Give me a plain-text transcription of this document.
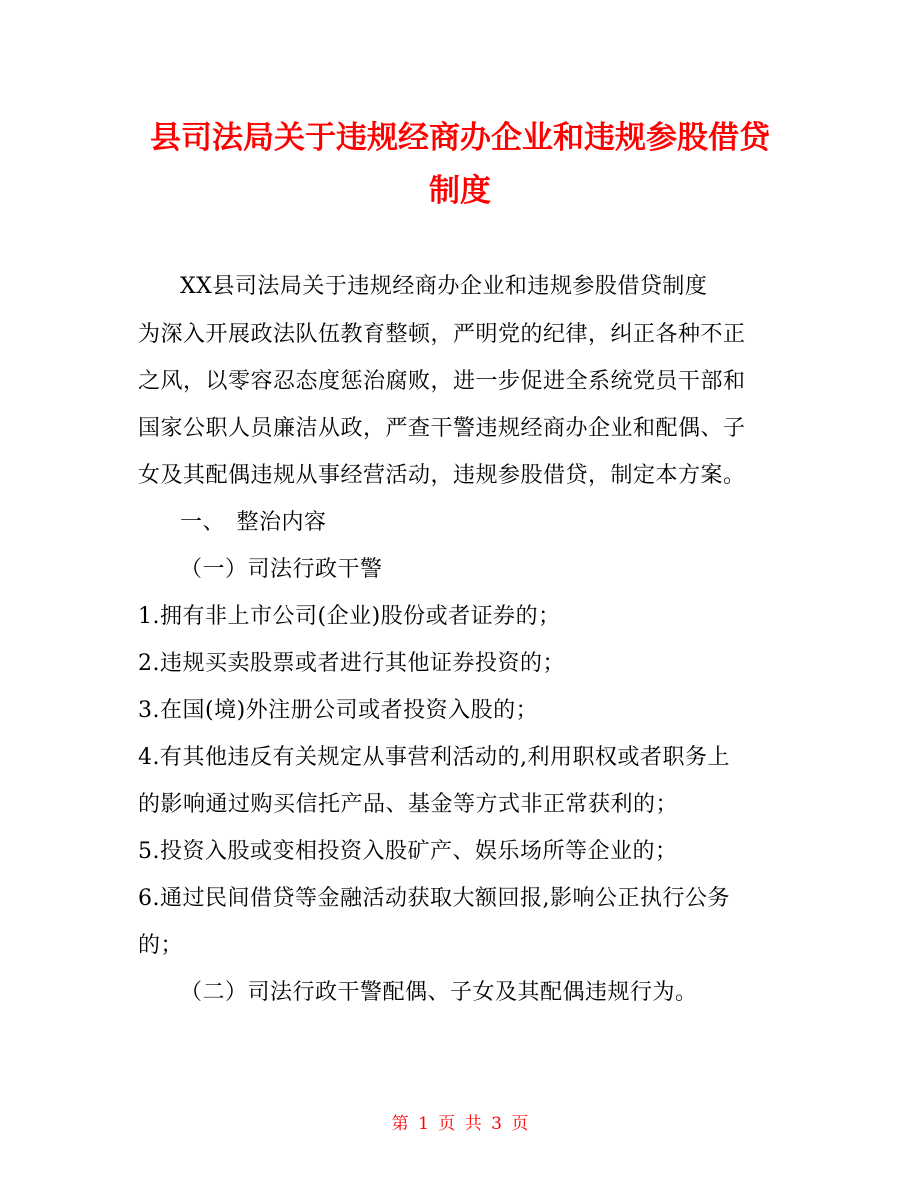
县司法局关于违规经商办企业和违规参股借贷
制度
XX县司法局关于违规经商办企业和违规参股借贷制度
为深入开展政法队伍教育整顿，严明党的纪律，纠正各种不正
之风，以零容忍态度惩治腐败，进一步促进全系统党员干部和
国家公职人员廉洁从政，严查干警违规经商办企业和配偶、子
女及其配偶违规从事经营活动，违规参股借贷，制定本方案。
一、　整治内容
（一）司法行政干警
1.拥有非上市公司(企业)股份或者证券的；
2.违规买卖股票或者进行其他证券投资的；
3.在国(境)外注册公司或者投资入股的；
4.有其他违反有关规定从事营利活动的,利用职权或者职务上
的影响通过购买信托产品、基金等方式非正常获利的；
5.投资入股或变相投资入股矿产、娱乐场所等企业的；
6.通过民间借贷等金融活动获取大额回报,影响公正执行公务
的；
（二）司法行政干警配偶、子女及其配偶违规行为。
第 1 页 共 3 页
